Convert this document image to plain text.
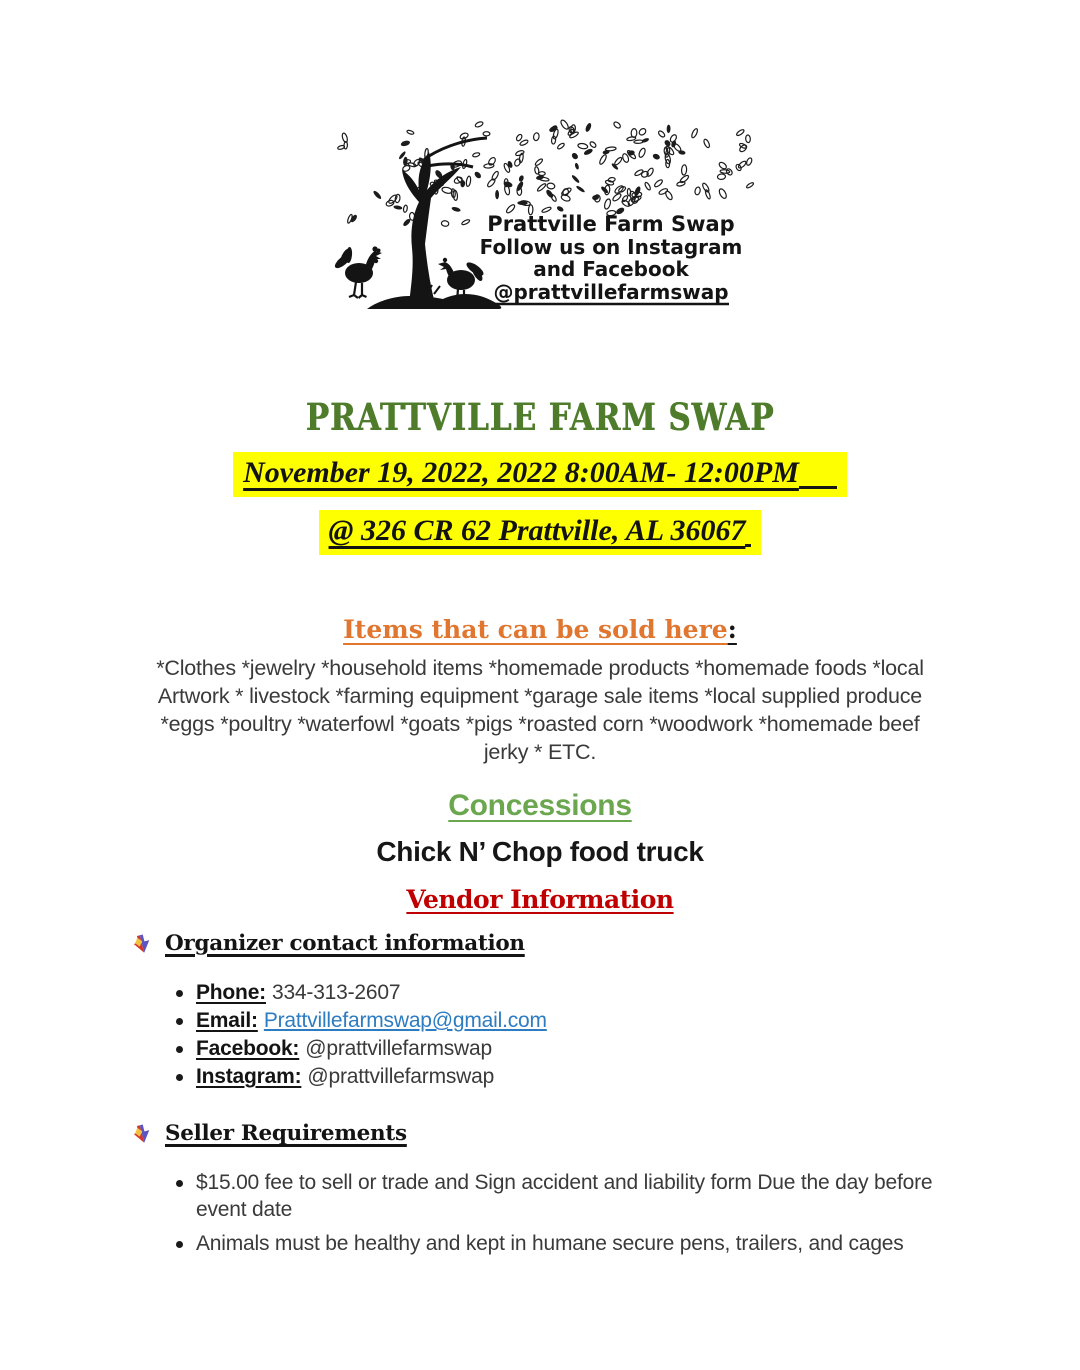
Prattville Farm Swap
Follow us on Instagram
and Facebook
@prattvillefarmswap
PRATTVILLE FARM SWAP
November 19, 2022, 2022 8:00AM- 12:00PM
@ 326 CR 62 Prattville, AL 36067
Items that can be sold here:
*Clothes *jewelry *household items *homemade products *homemade foods *local
Artwork * livestock *farming equipment *garage sale items *local supplied produce
*eggs *poultry *waterfowl *goats *pigs *roasted corn *woodwork *homemade beef
jerky * ETC.
Concessions
Chick N’ Chop food truck
Vendor Information
Organizer contact information
Phone: 334-313-2607
Email: Prattvillefarmswap@gmail.com
Facebook: @prattvillefarmswap
Instagram: @prattvillefarmswap
Seller Requirements
$15.00 fee to sell or trade and Sign accident and liability form Due the day before event date
Animals must be healthy and kept in humane secure pens, trailers, and cages
